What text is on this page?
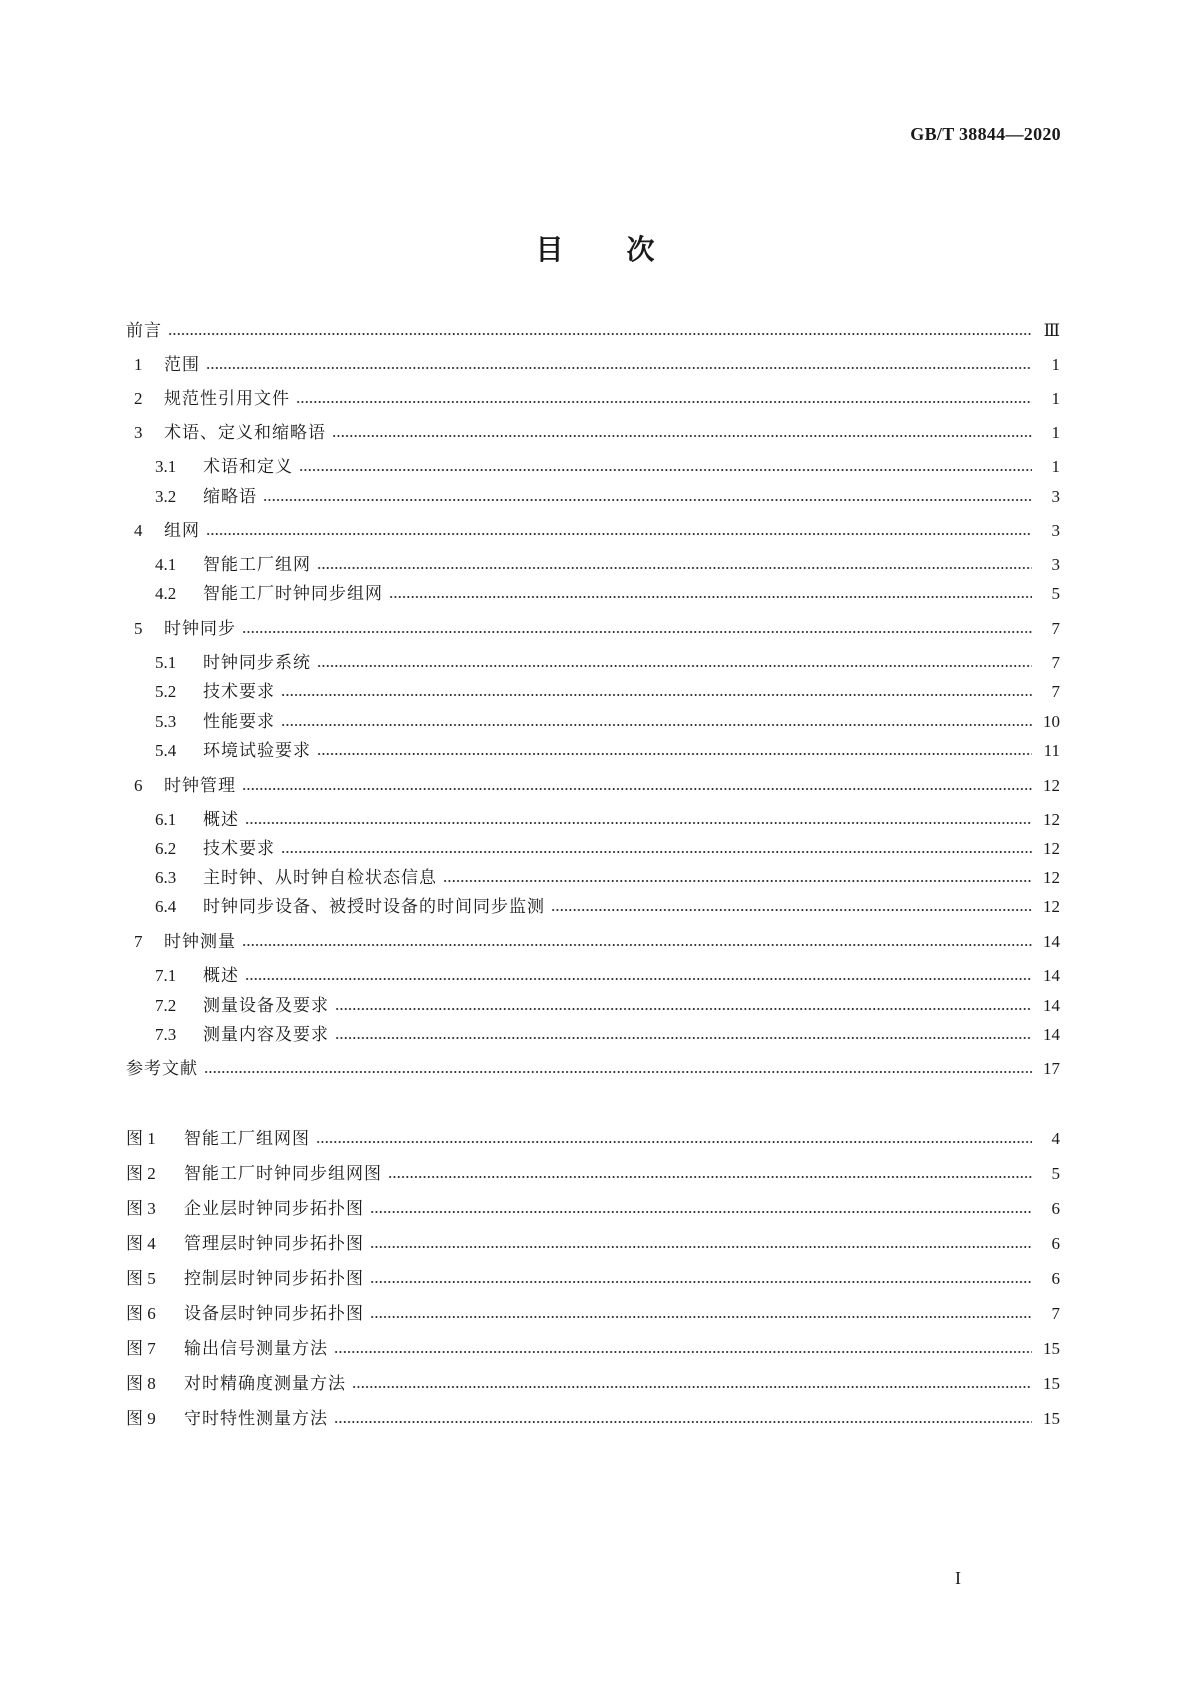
GB/T 38844—2020
目 次
前言	Ⅲ
1	范围	1
2	规范性引用文件	1
3	术语、定义和缩略语	1
3.1	术语和定义	1
3.2	缩略语	3
4	组网	3
4.1	智能工厂组网	3
4.2	智能工厂时钟同步组网	5
5	时钟同步	7
5.1	时钟同步系统	7
5.2	技术要求	7
5.3	性能要求	10
5.4	环境试验要求	11
6	时钟管理	12
6.1	概述	12
6.2	技术要求	12
6.3	主时钟、从时钟自检状态信息	12
6.4	时钟同步设备、被授时设备的时间同步监测	12
7	时钟测量	14
7.1	概述	14
7.2	测量设备及要求	14
7.3	测量内容及要求	14
参考文献	17
图 1	智能工厂组网图	4
图 2	智能工厂时钟同步组网图	5
图 3	企业层时钟同步拓扑图	6
图 4	管理层时钟同步拓扑图	6
图 5	控制层时钟同步拓扑图	6
图 6	设备层时钟同步拓扑图	7
图 7	输出信号测量方法	15
图 8	对时精确度测量方法	15
图 9	守时特性测量方法	15
I
